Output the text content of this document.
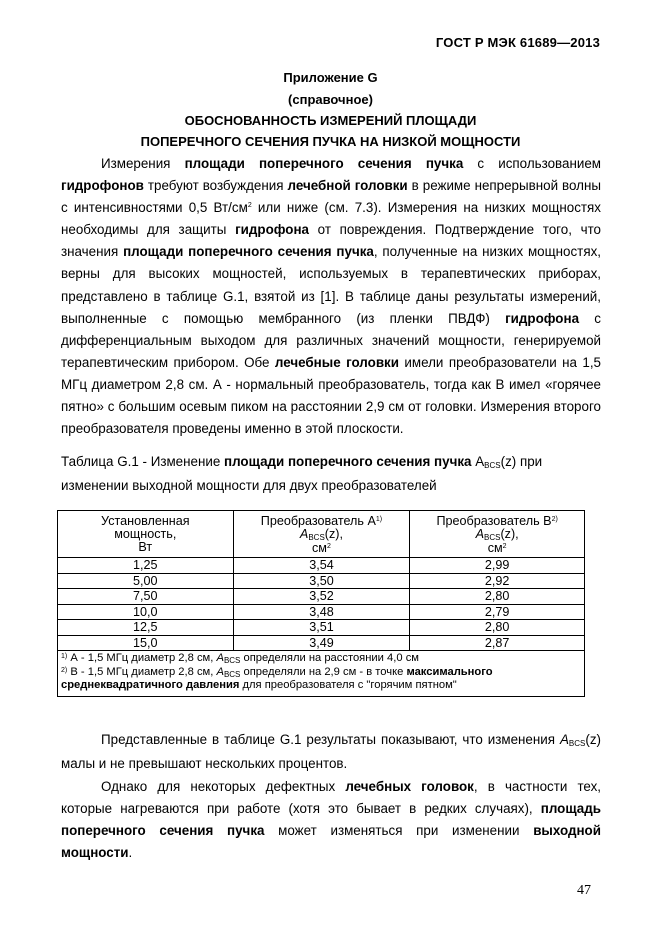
ГОСТ Р МЭК 61689—2013
Приложение G
(справочное)
ОБОСНОВАННОСТЬ ИЗМЕРЕНИЙ ПЛОЩАДИ
ПОПЕРЕЧНОГО СЕЧЕНИЯ ПУЧКА НА НИЗКОЙ МОЩНОСТИ

Измерения площади поперечного сечения пучка с использованием гидрофонов требуют возбуждения лечебной головки в режиме непрерывной волны с интенсивностями 0,5 $Вт/см^2$ или ниже (см. 7.3). Измерения на низких мощностях необходимы для защиты гидрофона от повреждения. Подтверждение того, что значения площади поперечного сечения пучка, полученные на низких мощностях, верны для высоких мощностей, используемых в терапевтических приборах, представлено в таблице G.1, взятой из [1]. В таблице даны результаты измерений, выполненные с помощью мембранного (из пленки ПВДФ) гидрофона с дифференциальным выходом для различных значений мощности, генерируемой терапевтическим прибором. Обе лечебные головки имели преобразователи на 1,5 МГц диаметром 2,8 см. А - нормальный преобразователь, тогда как В имел «горячее пятно» с большим осевым пиком на расстоянии 2,9 см от головки. Измерения второго преобразователя проведены именно в этой плоскости.

Таблица G.1 - Изменение площади поперечного сечения пучка ABCS(z) при изменении выходной мощности для двух преобразователей
Установленная
мощность,
Вт	Преобразователь $А^{1)}$
ABCS(z),
$см^2$	Преобразователь $В^{2)}$
ABCS(z),
$см^2$
1,25	3,54	2,99
5,00	3,50	2,92
7,50	3,52	2,80
10,0	3,48	2,79
12,5	3,51	2,80
15,0	3,49	2,87

$^{1)}$ А - 1,5 МГц диаметр 2,8 см, ABCS определяли на расстоянии 4,0 см
$^{2)}$ В - 1,5 МГц диаметр 2,8 см, ABCS определяли на 2,9 см - в точке максимального среднеквадратичного давления для преобразователя с "горячим пятном"		

Представленные в таблице G.1 результаты показывают, что изменения ABCS(z) малы и не превышают нескольких процентов.

Однако для некоторых дефектных лечебных головок, в частности тех, которые нагреваются при работе (хотя это бывает в редких случаях), площадь поперечного сечения пучка может изменяться при изменении выходной мощности.

47
